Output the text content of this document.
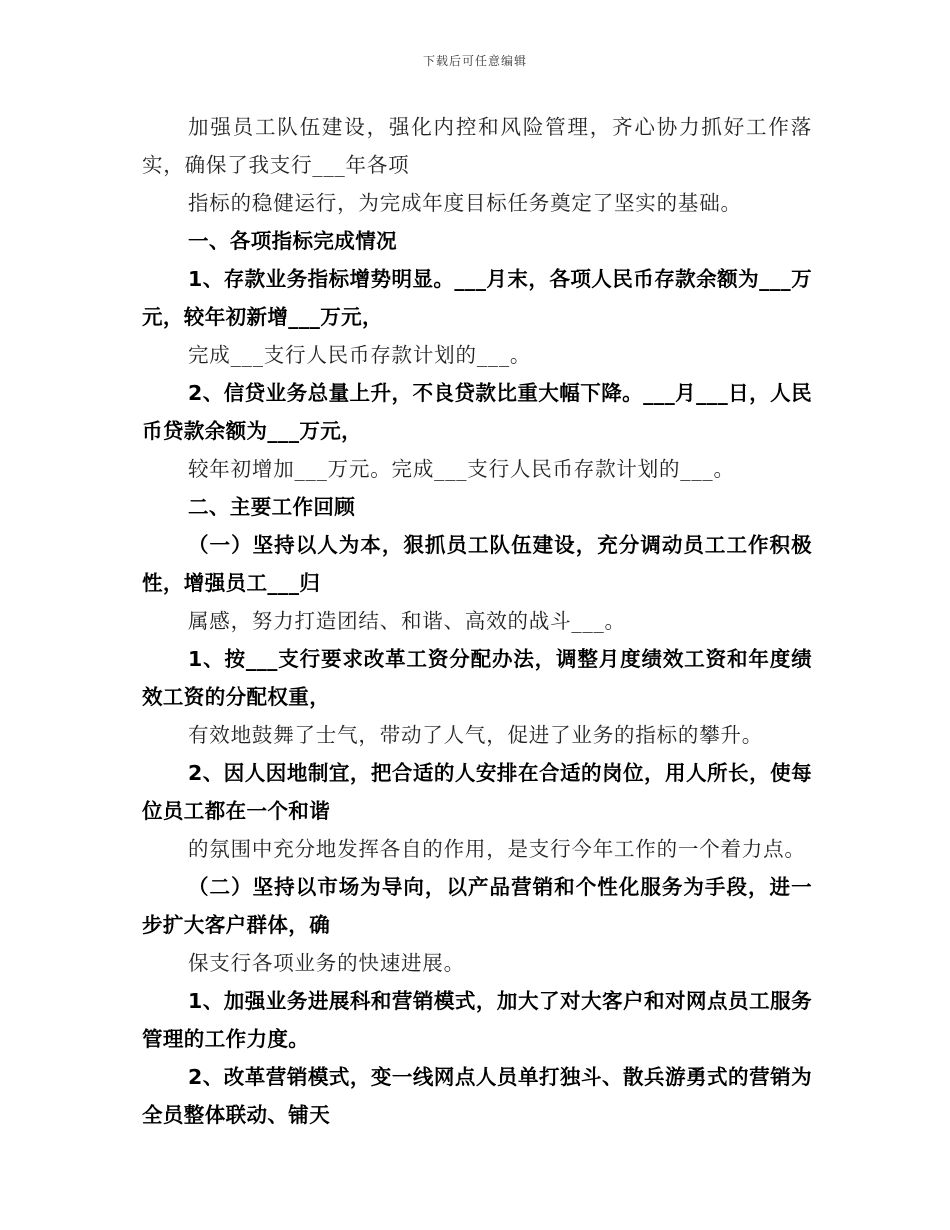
下载后可任意编辑

加强员工队伍建设，强化内控和风险管理，齐心协力抓好工作落实，确保了我支行___年各项

指标的稳健运行，为完成年度目标任务奠定了坚实的基础。

一、各项指标完成情况

1、存款业务指标增势明显。___月末，各项人民币存款余额为___万元，较年初新增___万元，

完成___支行人民币存款计划的___。

2、信贷业务总量上升，不良贷款比重大幅下降。___月___日，人民币贷款余额为___万元，

较年初增加___万元。完成___支行人民币存款计划的___。

二、主要工作回顾

（一）坚持以人为本，狠抓员工队伍建设，充分调动员工工作积极性，增强员工___归

属感，努力打造团结、和谐、高效的战斗___。

1、按___支行要求改革工资分配办法，调整月度绩效工资和年度绩效工资的分配权重，

有效地鼓舞了士气，带动了人气，促进了业务的指标的攀升。

2、因人因地制宜，把合适的人安排在合适的岗位，用人所长，使每位员工都在一个和谐

的氛围中充分地发挥各自的作用，是支行今年工作的一个着力点。

（二）坚持以市场为导向，以产品营销和个性化服务为手段，进一步扩大客户群体，确

保支行各项业务的快速进展。

1、加强业务进展科和营销模式，加大了对大客户和对网点员工服务管理的工作力度。

2、改革营销模式，变一线网点人员单打独斗、散兵游勇式的营销为全员整体联动、铺天
